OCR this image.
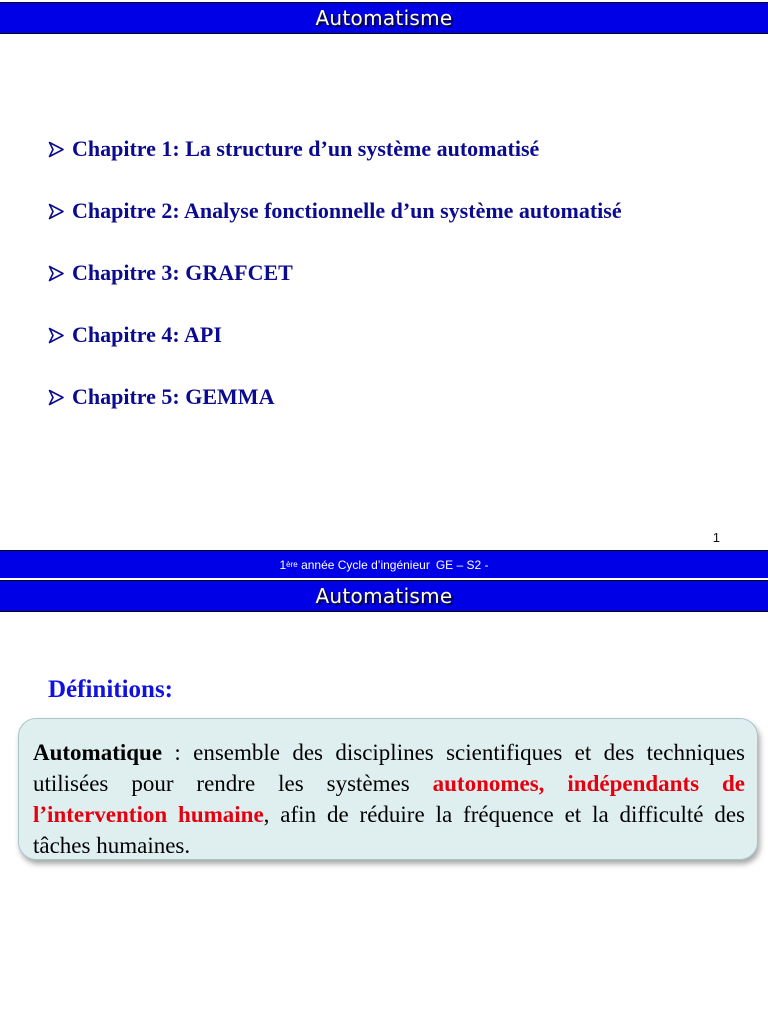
Automatisme
Chapitre 1: La structure d’un système automatisé
Chapitre 2: Analyse fonctionnelle d’un système automatisé
Chapitre 3: GRAFCET
Chapitre 4: API
Chapitre 5: GEMMA
1
1 ère
année Cycle d’ingénieur GE – S2 -
Automatisme
Définitions:

Automatique : ensemble des disciplines scientifiques et des techniques utilisées pour rendre les systèmes autonomes, indépendants de l’intervention humaine, afin de réduire la fréquence et la difficulté des tâches humaines.
